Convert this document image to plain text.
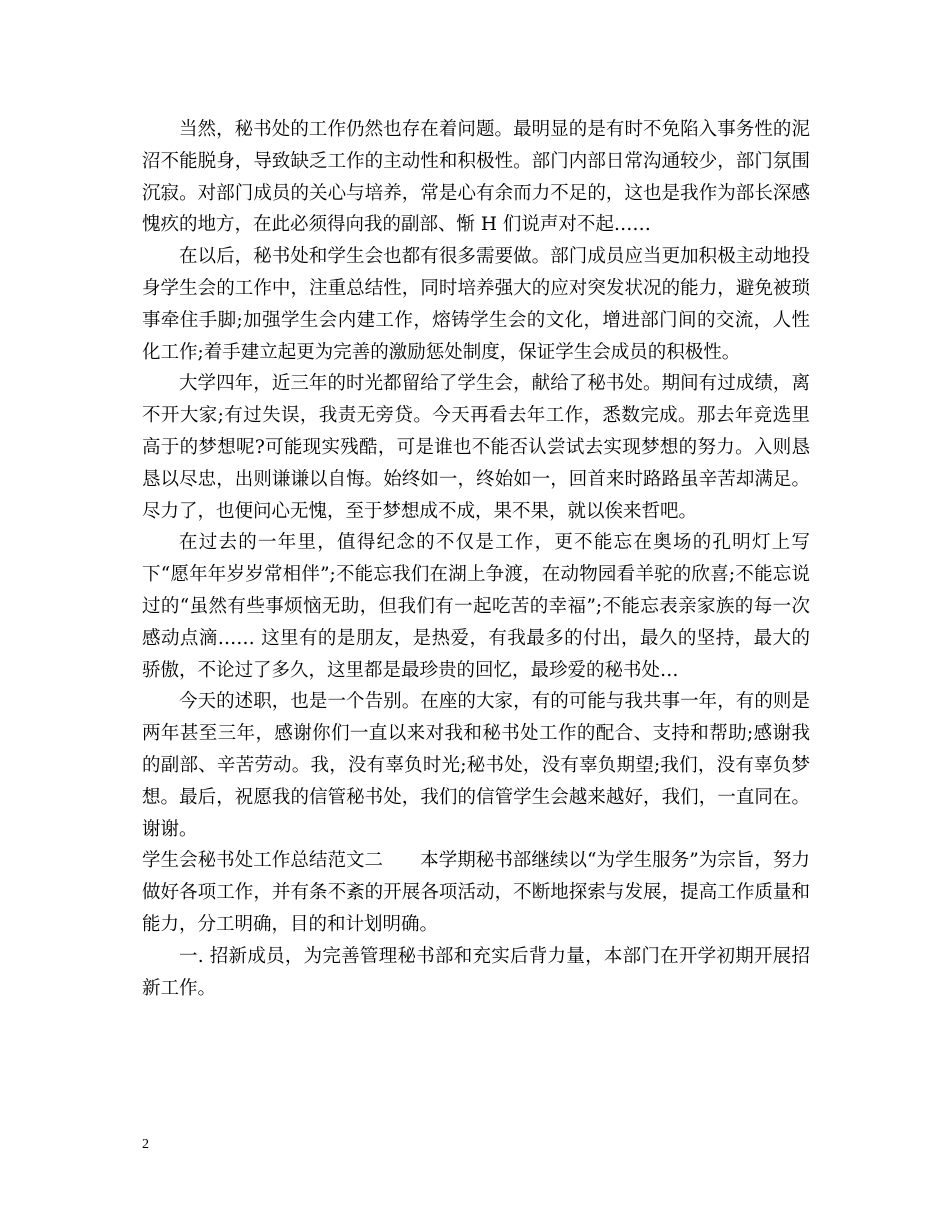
当然，秘书处的工作仍然也存在着问题。最明显的是有时不免陷入事务性的泥沼不能脱身，导致缺乏工作的主动性和积极性。部门内部日常沟通较少，部门氛围沉寂。对部门成员的关心与培养，常是心有余而力不足的，这也是我作为部长深感愧疚的地方，在此必须得向我的副部、惭 H 们说声对不起……

在以后，秘书处和学生会也都有很多需要做。部门成员应当更加积极主动地投身学生会的工作中，注重总结性，同时培养强大的应对突发状况的能力，避免被琐事牵住手脚;加强学生会内建工作，熔铸学生会的文化，增进部门间的交流，人性化工作;着手建立起更为完善的激励惩处制度，保证学生会成员的积极性。

大学四年，近三年的时光都留给了学生会，献给了秘书处。期间有过成绩，离不开大家;有过失误，我责无旁贷。今天再看去年工作，悉数完成。那去年竞选里高于的梦想呢?可能现实残酷，可是谁也不能否认尝试去实现梦想的努力。入则恳恳以尽忠，出则谦谦以自悔。始终如一，终始如一，回首来时路路虽辛苦却满足。尽力了，也便问心无愧，至于梦想成不成，果不果，就以俟来哲吧。

在过去的一年里，值得纪念的不仅是工作，更不能忘在奥场的孔明灯上写下“愿年年岁岁常相伴”;不能忘我们在湖上争渡，在动物园看羊驼的欣喜;不能忘说过的“虽然有些事烦恼无助，但我们有一起吃苦的幸福”;不能忘表亲家族的每一次感动点滴…… 这里有的是朋友，是热爱，有我最多的付出，最久的坚持，最大的骄傲，不论过了多久，这里都是最珍贵的回忆，最珍爱的秘书处…

今天的述职，也是一个告别。在座的大家，有的可能与我共事一年，有的则是两年甚至三年，感谢你们一直以来对我和秘书处工作的配合、支持和帮助;感谢我的副部、辛苦劳动。我，没有辜负时光;秘书处，没有辜负期望;我们，没有辜负梦想。最后，祝愿我的信管秘书处，我们的信管学生会越来越好，我们，一直同在。谢谢。

学生会秘书处工作总结范文二　　本学期秘书部继续以“为学生服务”为宗旨，努力做好各项工作，并有条不紊的开展各项活动，不断地探索与发展，提高工作质量和能力，分工明确，目的和计划明确。

一. 招新成员，为完善管理秘书部和充实后背力量，本部门在开学初期开展招新工作。

2
